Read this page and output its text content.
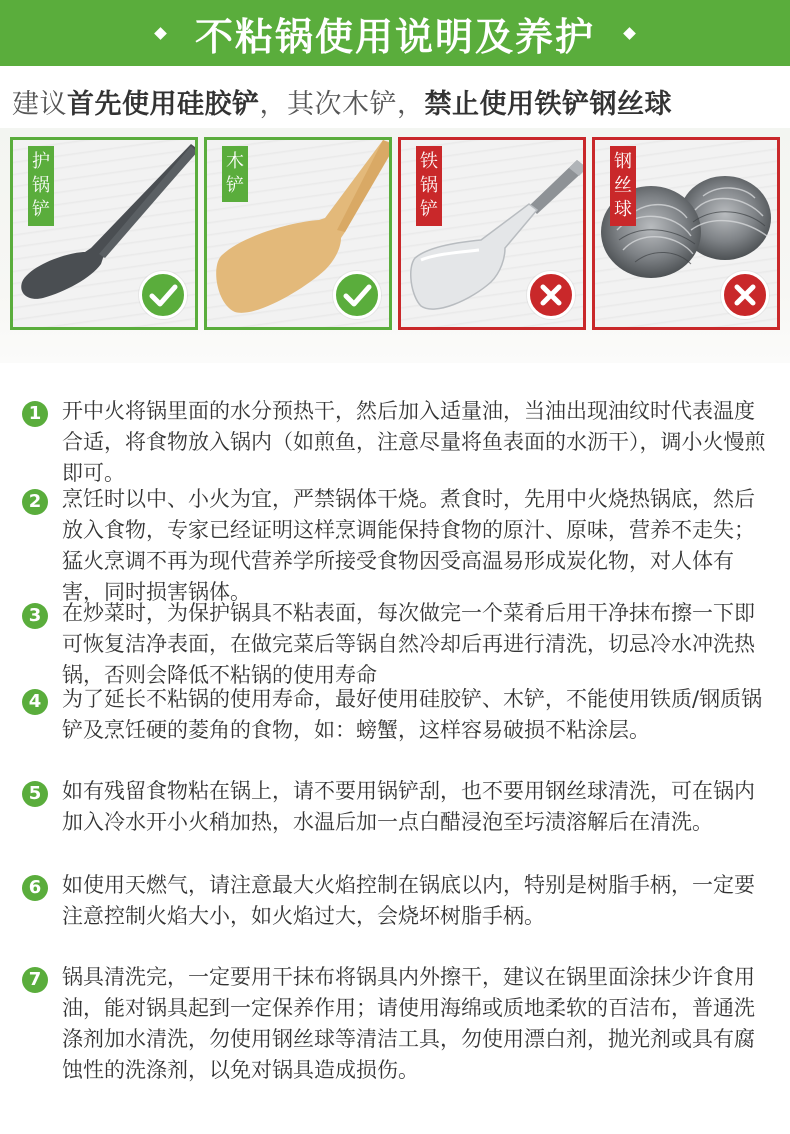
不粘锅使用说明及养护
建议首先使用硅胶铲，其次木铲，禁止使用铁铲钢丝球
护
锅
铲
木
铲
铁
锅
铲
钢
丝
球
1 开中火将锅里面的水分预热干，然后加入适量油，当油出现油纹时代表温度合适，将食物放入锅内（如煎鱼，注意尽量将鱼表面的水沥干），调小火慢煎即可。
2 烹饪时以中、小火为宜，严禁锅体干烧。煮食时，先用中火烧热锅底，然后放入食物，专家已经证明这样烹调能保持食物的原汁、原味，营养不走失；猛火烹调不再为现代营养学所接受食物因受高温易形成炭化物，对人体有害，同时损害锅体。
3 在炒菜时，为保护锅具不粘表面，每次做完一个菜肴后用干净抹布擦一下即可恢复洁净表面，在做完菜后等锅自然冷却后再进行清洗，切忌冷水冲洗热锅，否则会降低不粘锅的使用寿命
4 为了延长不粘锅的使用寿命，最好使用硅胶铲、木铲，不能使用铁质/钢质锅铲及烹饪硬的菱角的食物，如：螃蟹，这样容易破损不粘涂层。
5 如有残留食物粘在锅上，请不要用锅铲刮，也不要用钢丝球清洗，可在锅内加入冷水开小火稍加热，水温后加一点白醋浸泡至圬渍溶解后在清洗。
6 如使用天燃气，请注意最大火焰控制在锅底以内，特别是树脂手柄，一定要注意控制火焰大小，如火焰过大，会烧坏树脂手柄。
7 锅具清洗完，一定要用干抹布将锅具内外擦干，建议在锅里面涂抹少许食用油，能对锅具起到一定保养作用；请使用海绵或质地柔软的百洁布，普通洗涤剂加水清洗，勿使用钢丝球等清洁工具，勿使用漂白剂，抛光剂或具有腐蚀性的洗涤剂，以免对锅具造成损伤。
